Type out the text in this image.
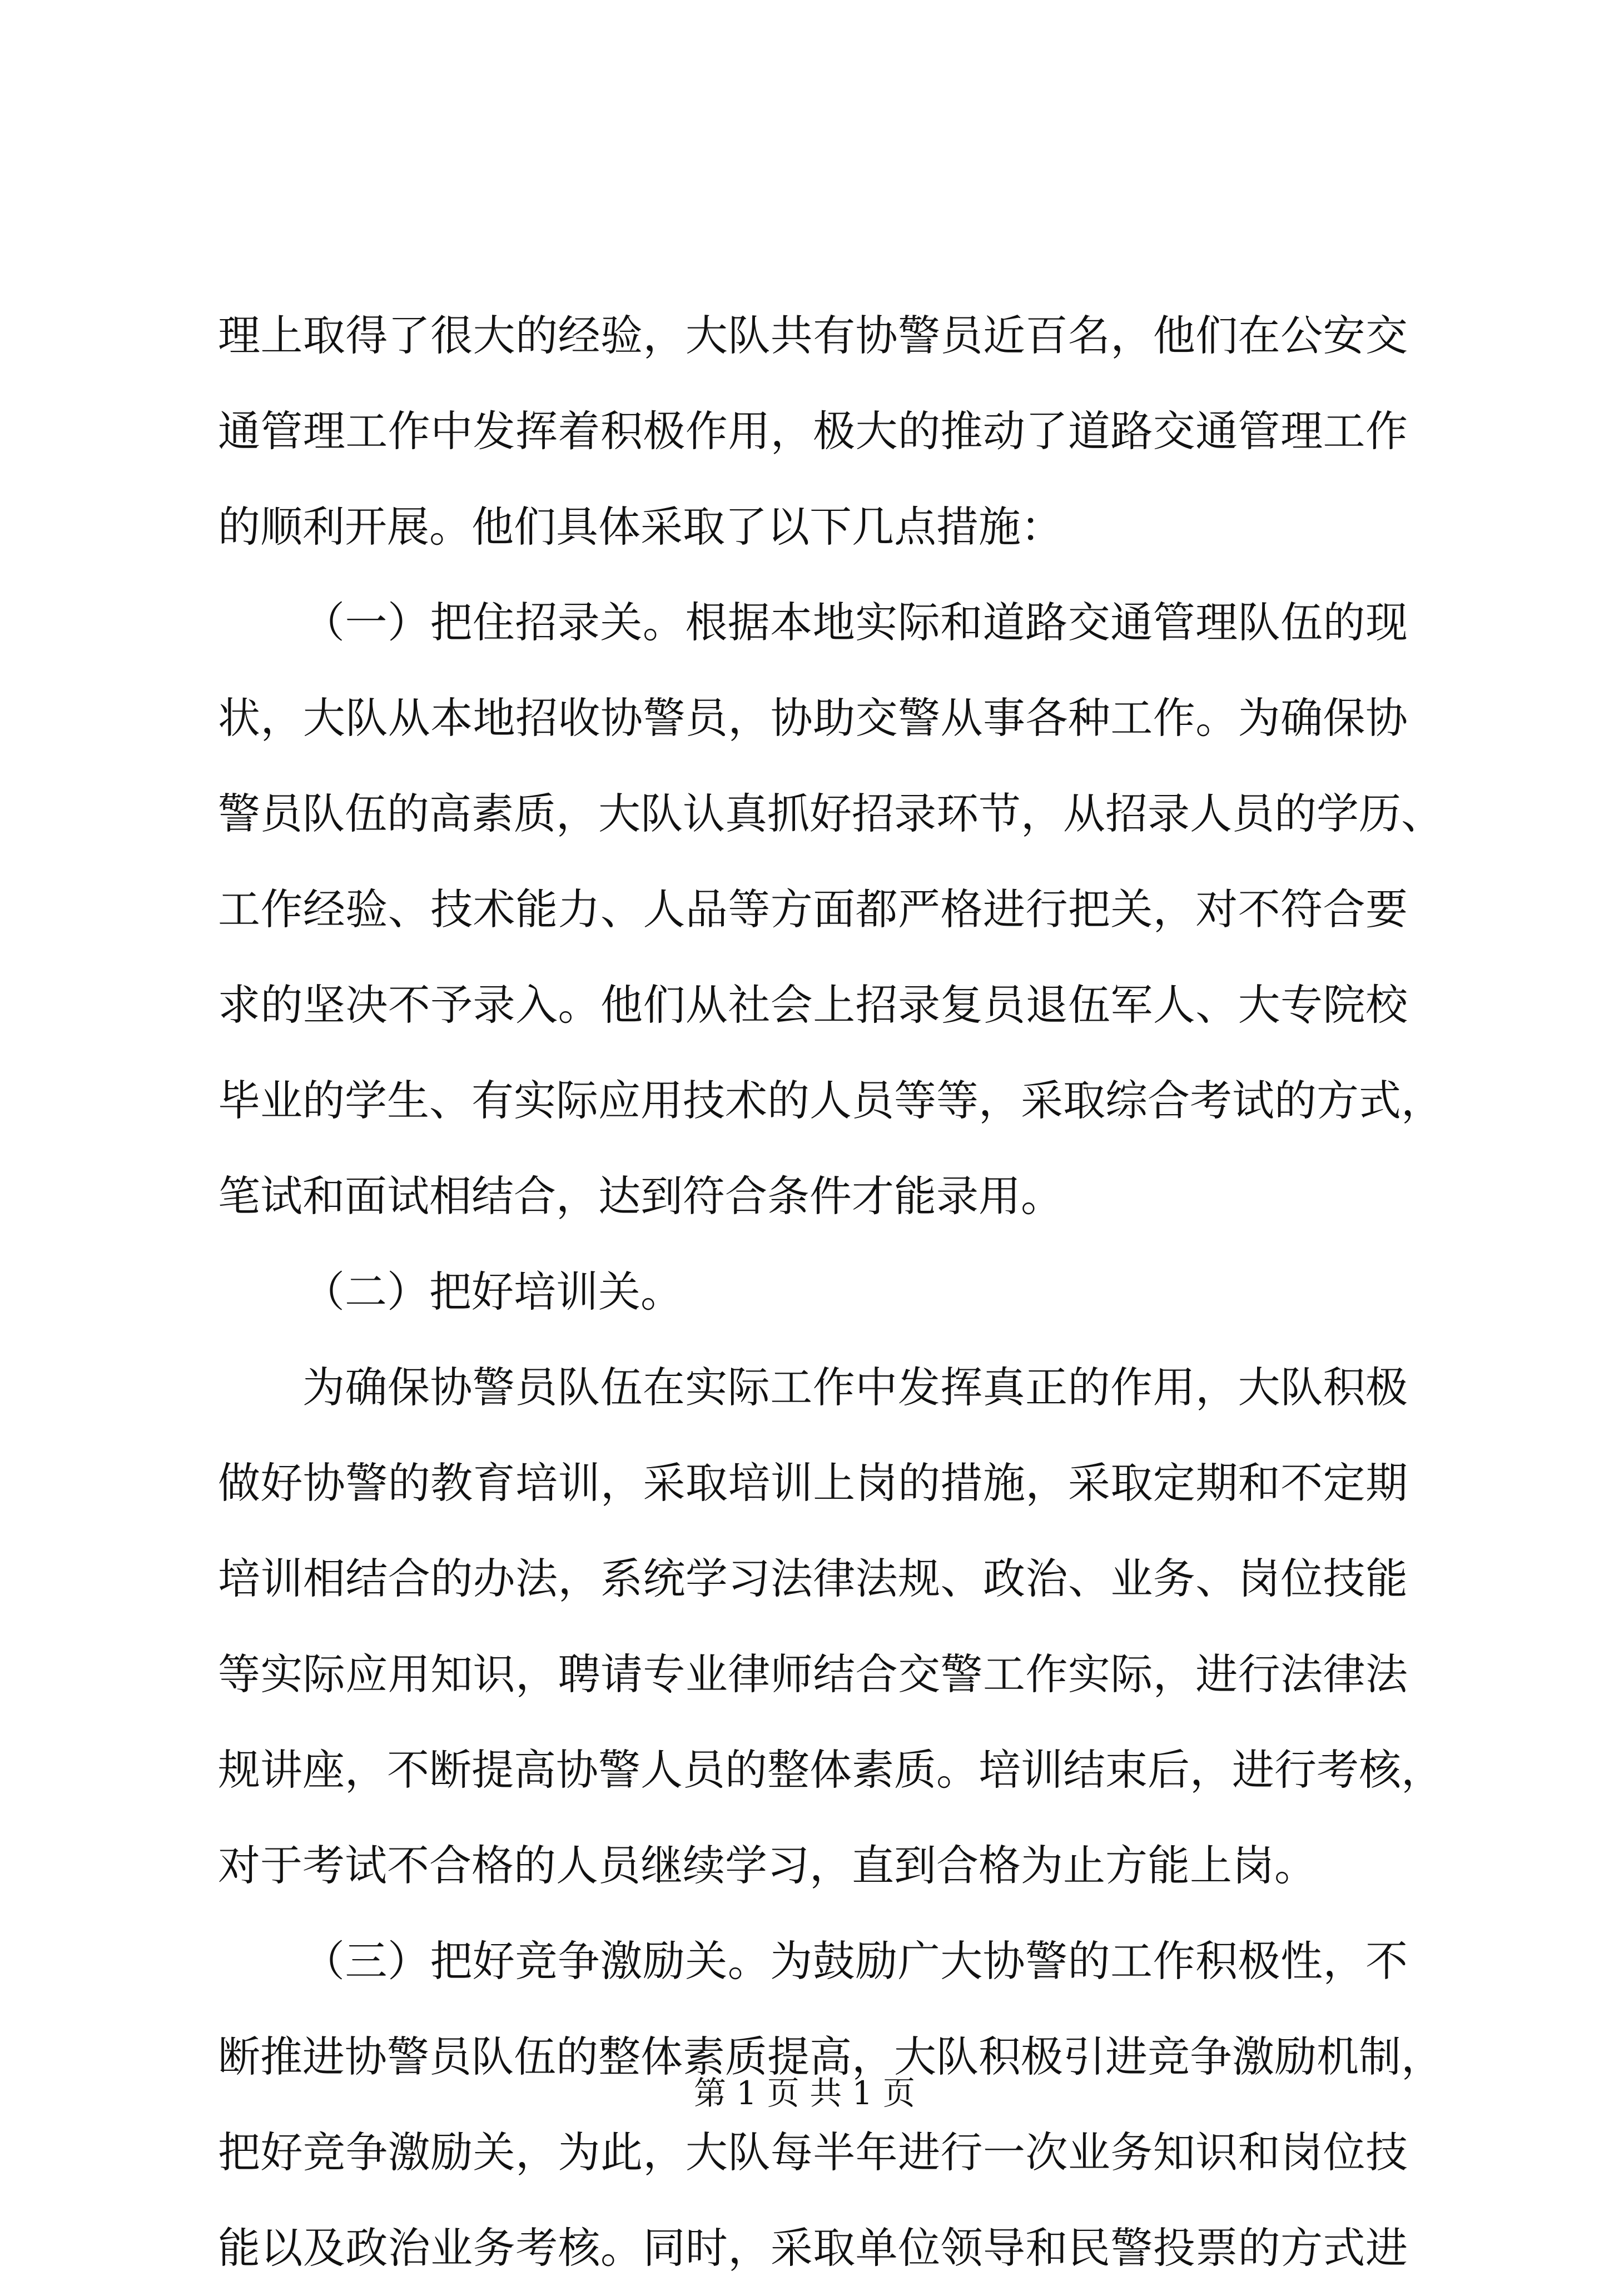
理上取得了很大的经验，大队共有协警员近百名，他们在公安交
通管理工作中发挥着积极作用，极大的推动了道路交通管理工作
的顺利开展。他们具体采取了以下几点措施：
（一）把住招录关。根据本地实际和道路交通管理队伍的现
状，大队从本地招收协警员，协助交警从事各种工作。为确保协
警员队伍的高素质，大队认真抓好招录环节，从招录人员的学历、
工作经验、技术能力、人品等方面都严格进行把关，对不符合要
求的坚决不予录入。他们从社会上招录复员退伍军人、大专院校
毕业的学生、有实际应用技术的人员等等，采取综合考试的方式，
笔试和面试相结合，达到符合条件才能录用。
（二）把好培训关。
为确保协警员队伍在实际工作中发挥真正的作用，大队积极
做好协警的教育培训，采取培训上岗的措施，采取定期和不定期
培训相结合的办法，系统学习法律法规、政治、业务、岗位技能
等实际应用知识，聘请专业律师结合交警工作实际，进行法律法
规讲座，不断提高协警人员的整体素质。培训结束后，进行考核，
对于考试不合格的人员继续学习，直到合格为止方能上岗。
（三）把好竞争激励关。为鼓励广大协警的工作积极性，不
断推进协警员队伍的整体素质提高，大队积极引进竞争激励机制，
把好竞争激励关，为此，大队每半年进行一次业务知识和岗位技
能以及政治业务考核。同时，采取单位领导和民警投票的方式进
第 1 页 共 1 页
